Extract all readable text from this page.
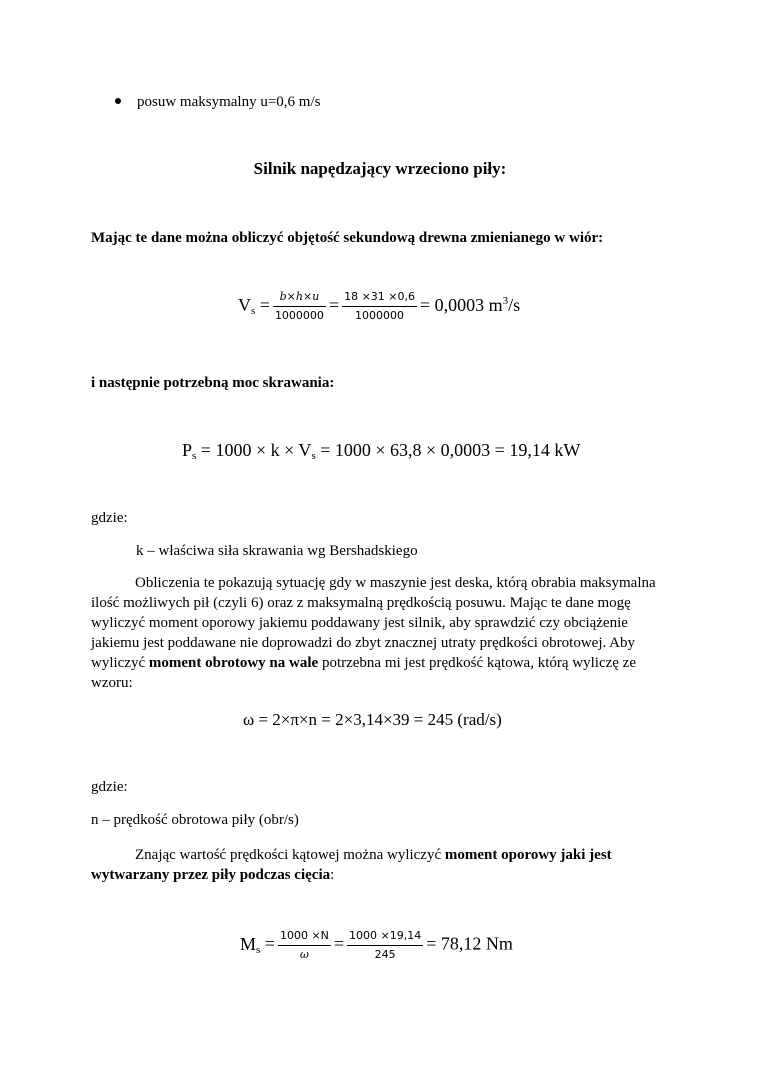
posuw maksymalny u=0,6 m/s
Silnik napędzający wrzeciono piły:
Mając te dane można obliczyć objętość sekundową drewna zmienianego w wiór:
$V_s = \frac{b\times h\times u}{1000000} = \frac{18 \times 31 \times 0,6}{1000000} = 0,0003$ $m^3/s$
i następnie potrzebną moc skrawania:
$P_s = 1000 \times k \times V_s = 1000 \times 63,8 \times 0,0003 = 19,14$ kW
gdzie:
k – właściwa siła skrawania wg Bershadskiego

Obliczenia te pokazują sytuację gdy w maszynie jest deska, którą obrabia maksymalna ilość możliwych pił (czyli 6) oraz z maksymalną prędkością posuwu. Mając te dane mogę wyliczyć moment oporowy jakiemu poddawany jest silnik, aby sprawdzić czy obciążenie jakiemu jest poddawane nie doprowadzi do zbyt znacznej utraty prędkości obrotowej. Aby wyliczyć moment obrotowy na wale potrzebna mi jest prędkość kątowa, którą wyliczę ze wzoru:

ω = 2×π×n = 2×3,14×39 = 245 (rad/s)
gdzie:
n – prędkość obrotowa piły (obr/s)

Znając wartość prędkości kątowej można wyliczyć moment oporowy jaki jest wytwarzany przez piły podczas cięcia:

$M_s = \frac{1000 \times N}{\omega} = \frac{1000 \times 19,14}{245} = 78,12$ Nm
